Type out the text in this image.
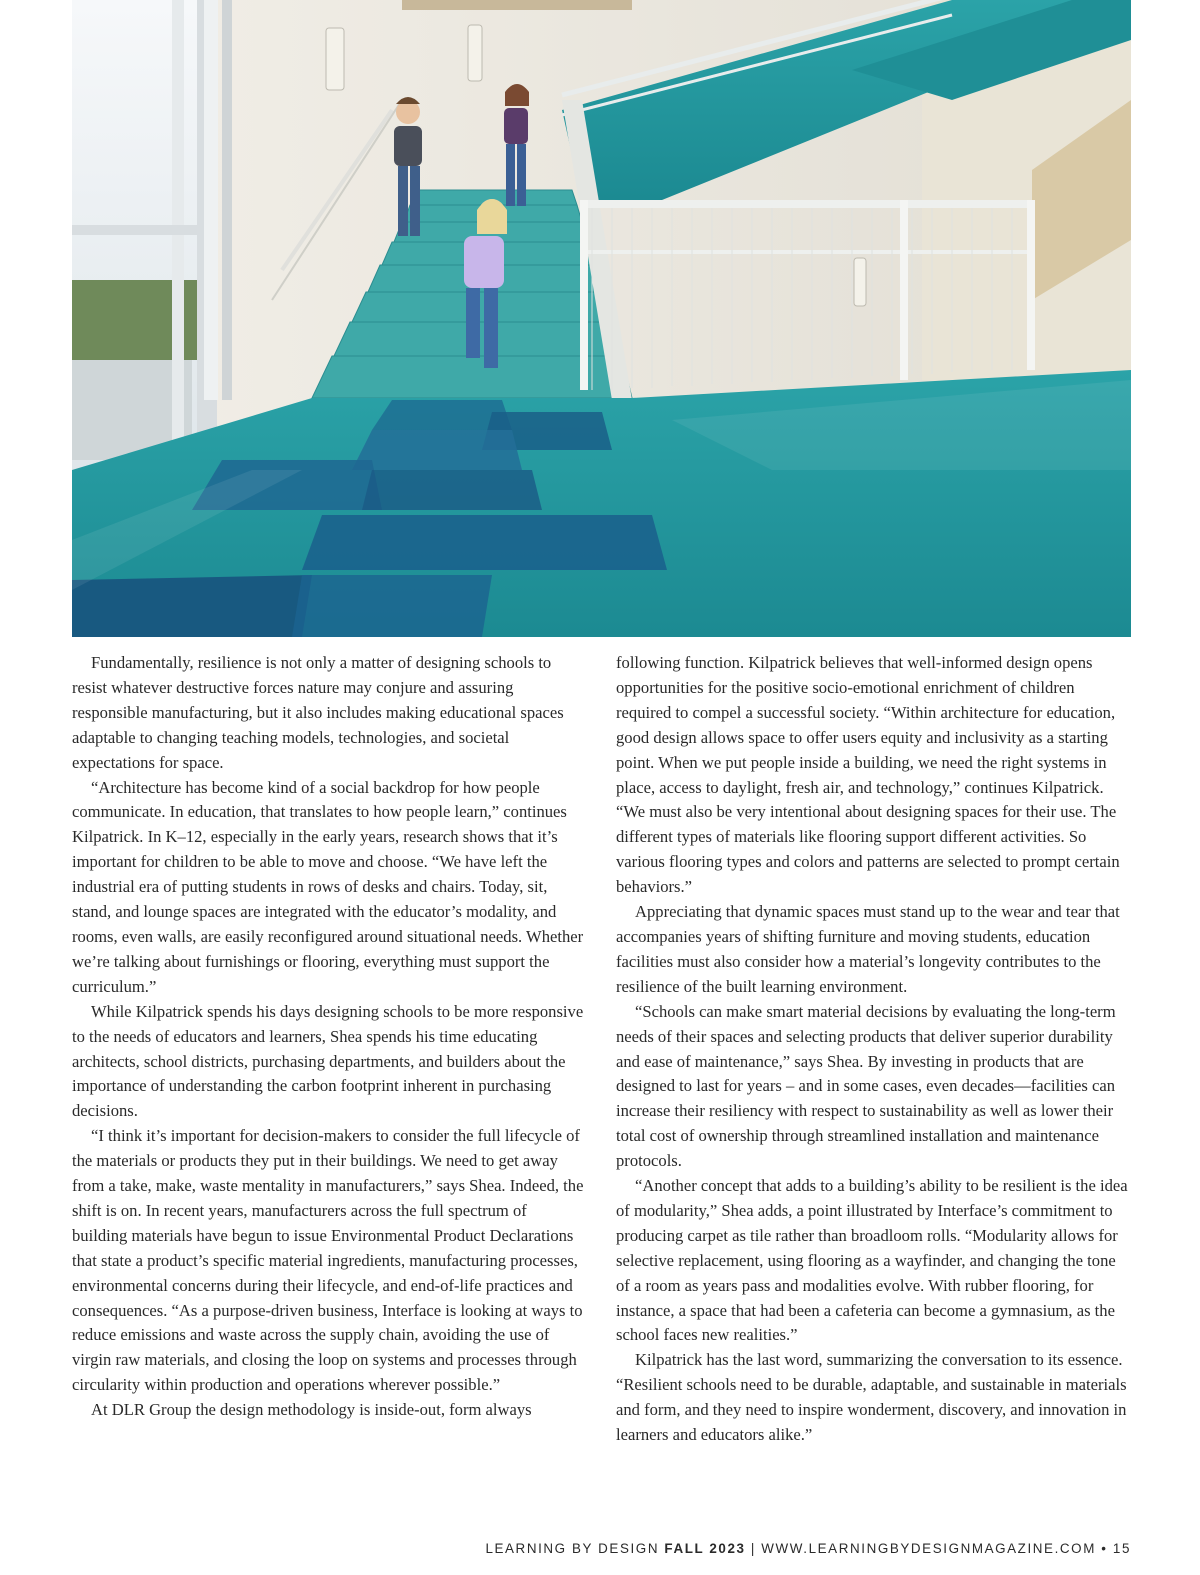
Fundamentally, resilience is not only a matter of designing schools to resist whatever destructive forces nature may conjure and assuring responsible manufacturing, but it also includes making educational spaces adaptable to changing teaching models, technologies, and societal expectations for space.

“Architecture has become kind of a social backdrop for how people communicate. In education, that translates to how people learn,” continues Kilpatrick. In K–12, especially in the early years, research shows that it’s important for children to be able to move and choose. “We have left the industrial era of putting students in rows of desks and chairs. Today, sit, stand, and lounge spaces are integrated with the educator’s modality, and rooms, even walls, are easily reconfigured around situational needs. Whether we’re talking about furnishings or flooring, everything must support the curriculum.”

While Kilpatrick spends his days designing schools to be more responsive to the needs of educators and learners, Shea spends his time educating architects, school districts, purchasing departments, and builders about the importance of understanding the carbon footprint inherent in purchasing decisions.

“I think it’s important for decision-makers to consider the full lifecycle of the materials or products they put in their buildings. We need to get away from a take, make, waste mentality in manufacturers,” says Shea. Indeed, the shift is on. In recent years, manufacturers across the full spectrum of building materials have begun to issue Environmental Product Declarations that state a product’s specific material ingredients, manufacturing processes, environmental concerns during their lifecycle, and end-of-life practices and consequences. “As a purpose-driven business, Interface is looking at ways to reduce emissions and waste across the supply chain, avoiding the use of virgin raw materials, and closing the loop on systems and processes through circularity within production and operations wherever possible.”

At DLR Group the design methodology is inside-out, form always

following function. Kilpatrick believes that well-informed design opens opportunities for the positive socio-emotional enrichment of children required to compel a successful society. “Within architecture for education, good design allows space to offer users equity and inclusivity as a starting point. When we put people inside a building, we need the right systems in place, access to daylight, fresh air, and technology,” continues Kilpatrick. “We must also be very intentional about designing spaces for their use. The different types of materials like flooring support different activities. So various flooring types and colors and patterns are selected to prompt certain behaviors.”

Appreciating that dynamic spaces must stand up to the wear and tear that accompanies years of shifting furniture and moving students, education facilities must also consider how a material’s longevity contributes to the resilience of the built learning environment.

“Schools can make smart material decisions by evaluating the long-term needs of their spaces and selecting products that deliver superior durability and ease of maintenance,” says Shea. By investing in products that are designed to last for years – and in some cases, even decades—facilities can increase their resiliency with respect to sustainability as well as lower their total cost of ownership through streamlined installation and maintenance protocols.

“Another concept that adds to a building’s ability to be resilient is the idea of modularity,” Shea adds, a point illustrated by Interface’s commitment to producing carpet as tile rather than broadloom rolls. “Modularity allows for selective replacement, using flooring as a wayfinder, and changing the tone of a room as years pass and modalities evolve. With rubber flooring, for instance, a space that had been a cafeteria can become a gymnasium, as the school faces new realities.”

Kilpatrick has the last word, summarizing the conversation to its essence. “Resilient schools need to be durable, adaptable, and sustainable in materials and form, and they need to inspire wonderment, discovery, and innovation in learners and educators alike.”

LEARNING BY DESIGN FALL 2023 | WWW.LEARNINGBYDESIGNMAGAZINE.COM • 15
